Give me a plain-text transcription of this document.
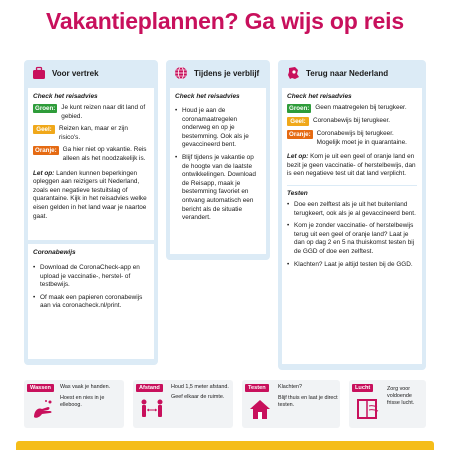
Vakantieplannen? Ga wijs op reis
Voor vertrek
Check het reisadvies
Groen: Je kunt reizen naar dit land of gebied.
Geel:	Reizen kan, maar er zijn risico's.
Oranje: Ga hier niet op vakantie. Reis alleen als het noodzakelijk is.
Let op: Landen kunnen beperkingen opleggen aan reizigers uit Nederland, zoals een negatieve testuitslag of quarantaine. Kijk in het reisadvies welke eisen gelden in het land waar je naartoe gaat.
Coronabewijs
• Download de CoronaCheck-app en upload je vaccinatie-, herstel- of testbewijs.
• Of maak een papieren coronabewijs aan via coronacheck.nl/print.
Tijdens je verblijf
Check het reisadvies
• Houd je aan de coronamaatregelen onderweg en op je bestemming. Ook als je gevaccineerd bent.
• Blijf tijdens je vakantie op de hoogte van de laatste ontwikkelingen. Download de Reisapp, maak je bestemming favoriet en ontvang automatisch een bericht als de situatie verandert.
Terug naar Nederland
Check het reisadvies
Groen: Geen maatregelen bij terugkeer.
Geel:	Coronabewijs bij terugkeer.
Oranje: Coronabewijs bij terugkeer. Mogelijk moet je in quarantaine.
Let op: Kom je uit een geel of oranje land en bezit je geen vaccinatie- of herstelbewijs, dan is een negatieve test uit dat land verplicht.
Testen
• Doe een zelftest als je uit het buitenland terugkeert, ook als je al gevaccineerd bent.
• Kom je zonder vaccinatie- of herstelbewijs terug uit een geel of oranje land? Laat je dan op dag 2 en 5 na thuiskomst testen bij de GGD of doe een zelftest.
• Klachten? Laat je altijd testen bij de GGD.
Wassen	Was vaak je handen.
Hoest en nies in je elleboog.
Afstand	Houd 1,5 meter afstand.
Geef elkaar de ruimte.
Testen	Klachten?
Blijf thuis en laat je direct testen.
Lucht	Zorg voor voldoende frisse lucht.
